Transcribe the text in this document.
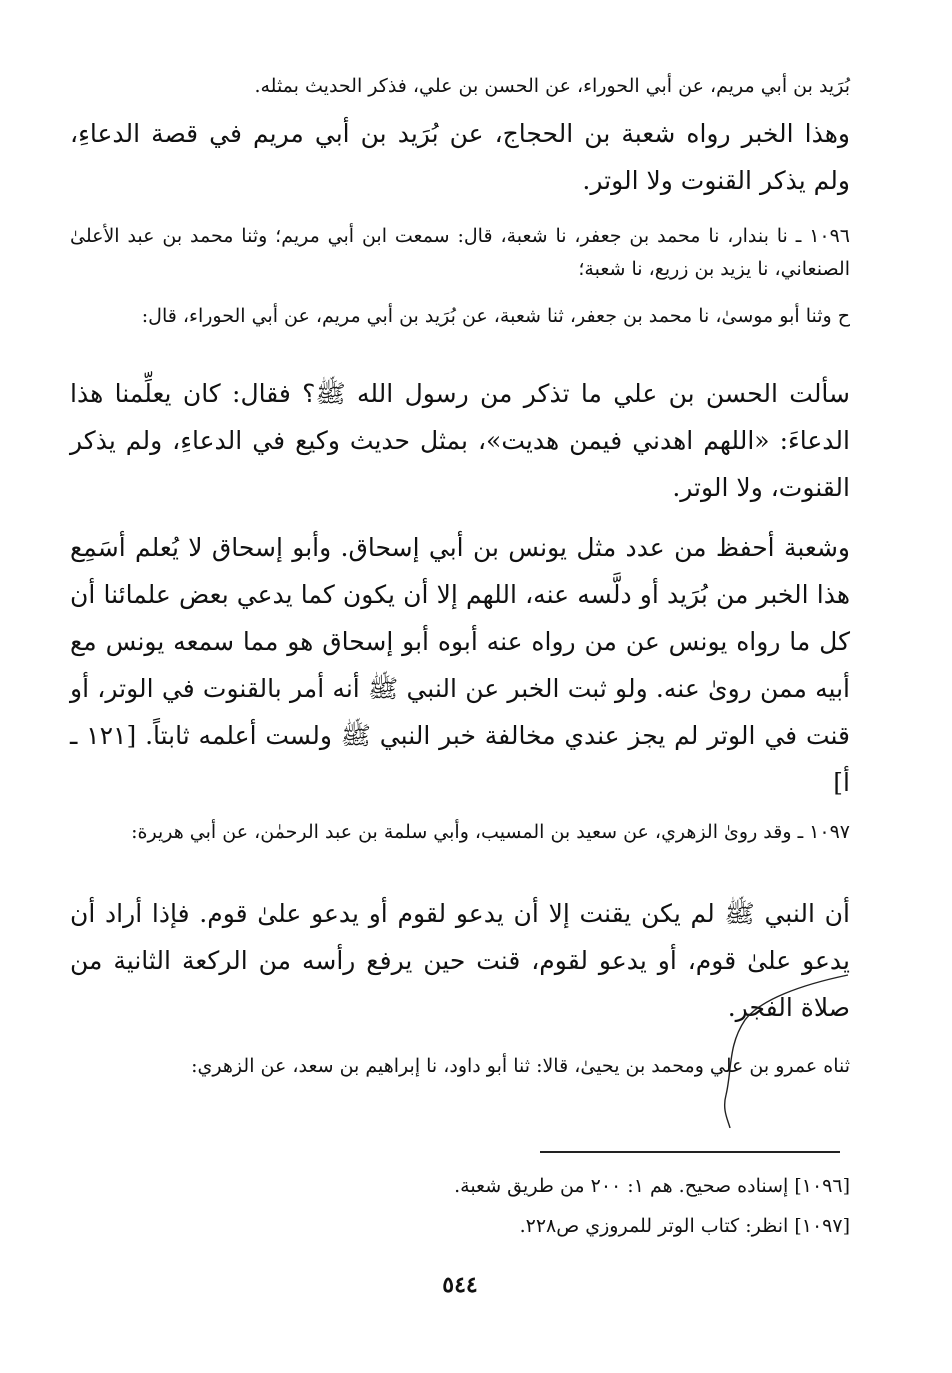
بُرَيد بن أبي مريم، عن أبي الحوراء، عن الحسن بن علي، فذكر الحديث بمثله.

وهذا الخبر رواه شعبة بن الحجاج، عن بُرَيد بن أبي مريم في قصة الدعاءِ، ولم يذكر القنوت ولا الوتر.

١٠٩٦ ـ نا بندار، نا محمد بن جعفر، نا شعبة، قال: سمعت ابن أبي مريم؛ وثنا محمد بن عبد الأعلىٰ الصنعاني، نا يزيد بن زريع، نا شعبة؛

ح وثنا أبو موسىٰ، نا محمد بن جعفر، ثنا شعبة، عن بُرَيد بن أبي مريم، عن أبي الحوراء، قال:

سألت الحسن بن علي ما تذكر من رسول الله ﷺ؟ فقال: كان يعلِّمنا هذا الدعاءَ: «اللهم اهدني فيمن هديت»، بمثل حديث وكيع في الدعاءِ، ولم يذكر القنوت، ولا الوتر.

وشعبة أحفظ من عدد مثل يونس بن أبي إسحاق. وأبو إسحاق لا يُعلم أسَمِع هذا الخبر من بُرَيد أو دلَّسه عنه، اللهم إلا أن يكون كما يدعي بعض علمائنا أن كل ما رواه يونس عن من رواه عنه أبوه أبو إسحاق هو مما سمعه يونس مع أبيه ممن روىٰ عنه. ولو ثبت الخبر عن النبي ﷺ أنه أمر بالقنوت في الوتر، أو قنت في الوتر لم يجز عندي مخالفة خبر النبي ﷺ ولست أعلمه ثابتاً. [١٢١ ـ أ]

١٠٩٧ ـ وقد روىٰ الزهري، عن سعيد بن المسيب، وأبي سلمة بن عبد الرحمٰن، عن أبي هريرة:

أن النبي ﷺ لم يكن يقنت إلا أن يدعو لقوم أو يدعو علىٰ قوم. فإذا أراد أن يدعو علىٰ قوم، أو يدعو لقوم، قنت حين يرفع رأسه من الركعة الثانية من صلاة الفجر.

ثناه عمرو بن علي ومحمد بن يحيىٰ، قالا: ثنا أبو داود، نا إبراهيم بن سعد، عن الزهري:

[١٠٩٦] إسناده صحيح. هم ١: ٢٠٠ من طريق شعبة.

[١٠٩٧] انظر: كتاب الوتر للمروزي ص٢٢٨.

٥٤٤
